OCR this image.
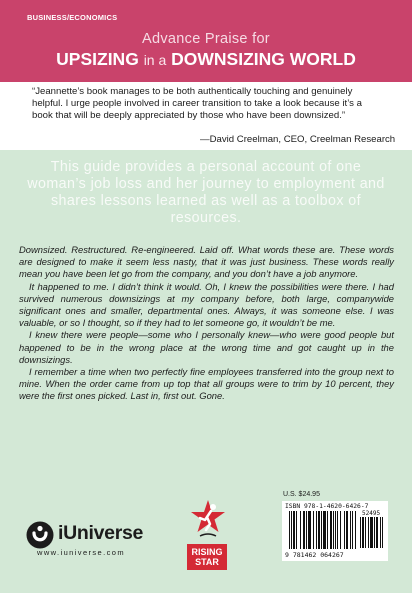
BUSINESS/ECONOMICS
Advance Praise for
UPSIZING in a DOWNSIZING WORLD
“Jeannette’s book manages to be both authentically touching and genuinely helpful. I urge people involved in career transition to take a look because it’s a book that will be deeply appreciated by those who have been downsized.”
—David Creelman, CEO, Creelman Research
This guide provides a personal account of one woman’s job loss and her journey to employment and shares lessons learned as well as a toolbox of resources.

Downsized. Restructured. Re-engineered. Laid off. What words these are. These words are designed to make it seem less nasty, that it was just business. These words really mean you have been let go from the company, and you don’t have a job anymore.

It happened to me. I didn’t think it would. Oh, I knew the possibilities were there. I had survived numerous downsizings at my company before, both large, companywide significant ones and smaller, departmental ones. Always, it was someone else. I was valuable, or so I thought, so if they had to let someone go, it wouldn’t be me.

I knew there were people—some who I personally knew—who were good people but happened to be in the wrong place at the wrong time and got caught up in the downsizings.

I remember a time when two perfectly fine employees transferred into the group next to mine. When the order came from up top that all groups were to trim by 10 percent, they were the first ones picked. Last in, first out. Gone.

iUniverse
www.iuniverse.com	RISING
STAR
U.S. $24.95
ISBN 978-1-4620-6426-7
52495
9 781462 064267
